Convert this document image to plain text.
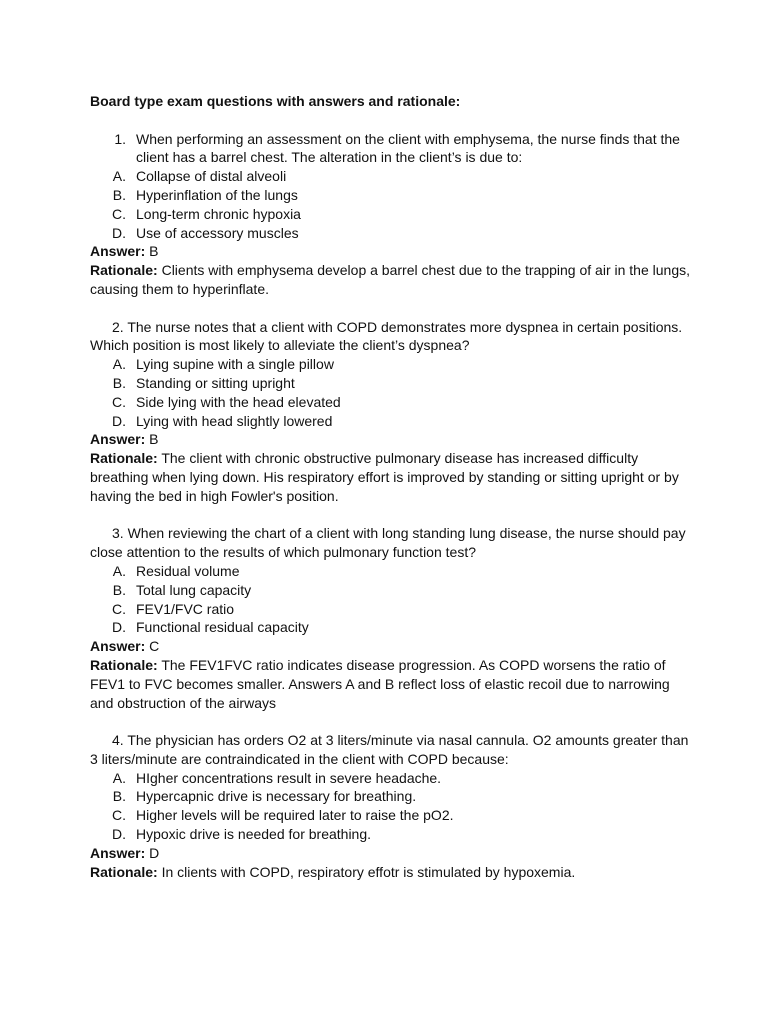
Board type exam questions with answers and rationale:

1. When performing an assessment on the client with emphysema, the nurse finds that the client has a barrel chest. The alteration in the client’s is due to:
A. Collapse of distal alveoli
B. Hyperinflation of the lungs
C. Long-term chronic hypoxia
D. Use of accessory muscles

Answer: B

Rationale: Clients with emphysema develop a barrel chest due to the trapping of air in the lungs, causing them to hyperinflate.

2. The nurse notes that a client with COPD demonstrates more dyspnea in certain positions. Which position is most likely to alleviate the client’s dyspnea?

A. Lying supine with a single pillow
B. Standing or sitting upright
C. Side lying with the head elevated
D. Lying with head slightly lowered

Answer: B

Rationale: The client with chronic obstructive pulmonary disease has increased difficulty breathing when lying down. His respiratory effort is improved by standing or sitting upright or by having the bed in high Fowler's position.

3. When reviewing the chart of a client with long standing lung disease, the nurse should pay close attention to the results of which pulmonary function test?

A. Residual volume
B. Total lung capacity
C. FEV1/FVC ratio
D. Functional residual capacity

Answer: C

Rationale: The FEV1FVC ratio indicates disease progression. As COPD worsens the ratio of FEV1 to FVC becomes smaller. Answers A and B reflect loss of elastic recoil due to narrowing and obstruction of the airways

4. The physician has orders O2 at 3 liters/minute via nasal cannula. O2 amounts greater than 3 liters/minute are contraindicated in the client with COPD because:

A. HIgher concentrations result in severe headache.
B. Hypercapnic drive is necessary for breathing.
C. Higher levels will be required later to raise the pO2.
D. Hypoxic drive is needed for breathing.

Answer: D

Rationale: In clients with COPD, respiratory effotr is stimulated by hypoxemia.
